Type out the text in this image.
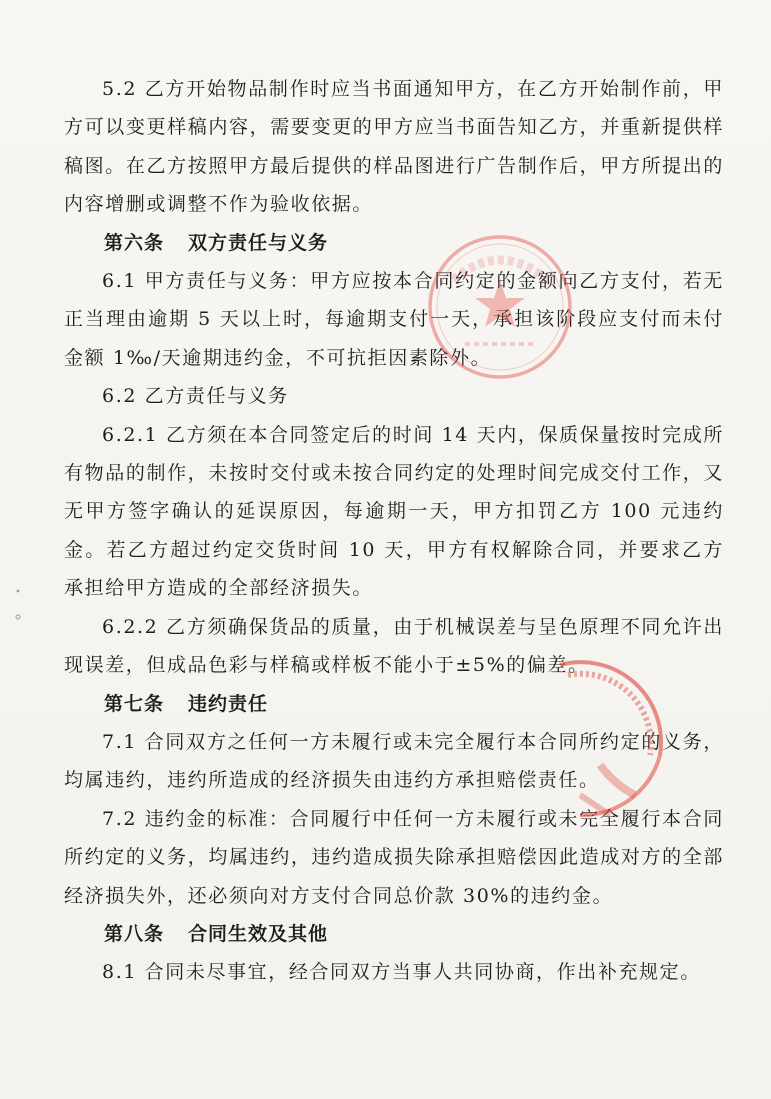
5.2 乙方开始物品制作时应当书面通知甲方，在乙方开始制作前，甲方可以变更样稿内容，需要变更的甲方应当书面告知乙方，并重新提供样稿图。在乙方按照甲方最后提供的样品图进行广告制作后，甲方所提出的内容增删或调整不作为验收依据。

第六条 双方责任与义务

6.1 甲方责任与义务：甲方应按本合同约定的金额向乙方支付，若无正当理由逾期 5 天以上时，每逾期支付一天，承担该阶段应支付而未付金额 1‰/天逾期违约金，不可抗拒因素除外。

6.2 乙方责任与义务

6.2.1 乙方须在本合同签定后的时间 14 天内，保质保量按时完成所有物品的制作，未按时交付或未按合同约定的处理时间完成交付工作，又无甲方签字确认的延误原因，每逾期一天，甲方扣罚乙方 100 元违约金。若乙方超过约定交货时间 10 天，甲方有权解除合同，并要求乙方承担给甲方造成的全部经济损失。

6.2.2 乙方须确保货品的质量，由于机械误差与呈色原理不同允许出现误差，但成品色彩与样稿或样板不能小于±5%的偏差。

第七条 违约责任

7.1 合同双方之任何一方未履行或未完全履行本合同所约定的义务，均属违约，违约所造成的经济损失由违约方承担赔偿责任。

7.2 违约金的标准：合同履行中任何一方未履行或未完全履行本合同所约定的义务，均属违约，违约造成损失除承担赔偿因此造成对方的全部经济损失外，还必须向对方支付合同总价款 30%的违约金。

第八条 合同生效及其他

8.1 合同未尽事宜，经合同双方当事人共同协商，作出补充规定。
